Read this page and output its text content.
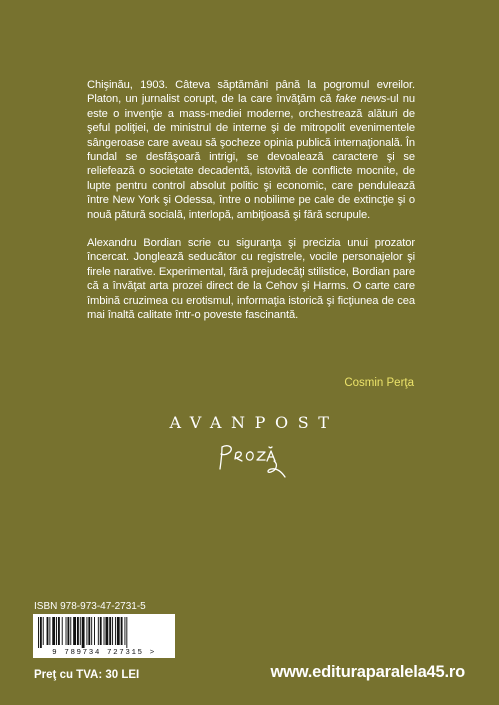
Chişinău, 1903. Câteva săptămâni până la pogromul evreilor. Platon, un jurnalist corupt, de la care învăţăm că fake news-ul nu este o invenţie a mass-mediei moderne, orchestrează alături de şeful poliţiei, de ministrul de interne şi de mitropolit evenimentele sângeroase care aveau să şocheze opinia publică internaţională. În fundal se desfăşoară intrigi, se devoalează caractere şi se reliefează o societate decadentă, istovită de conflicte mocnite, de lupte pentru control absolut politic şi economic, care pendulează între New York şi Odessa, între o nobilime pe cale de extincţie şi o nouă pătură socială, interlopă, ambiţioasă şi fără scrupule.

Alexandru Bordian scrie cu siguranţa şi precizia unui prozator încercat. Jonglează seducător cu registrele, vocile personajelor şi firele narative. Experimental, fără prejudecăţi stilistice, Bordian pare că a învăţat arta prozei direct de la Cehov şi Harms. O carte care îmbină cruzimea cu erotismul, informaţia istorică şi ficţiunea de cea mai înaltă calitate într-o poveste fascinantă.

Cosmin Perţa
AVANPOST
ISBN 978-973-47-2731-5
9 789734 727315 >
Preţ cu TVA: 30 LEI	www.edituraparalela45.ro
